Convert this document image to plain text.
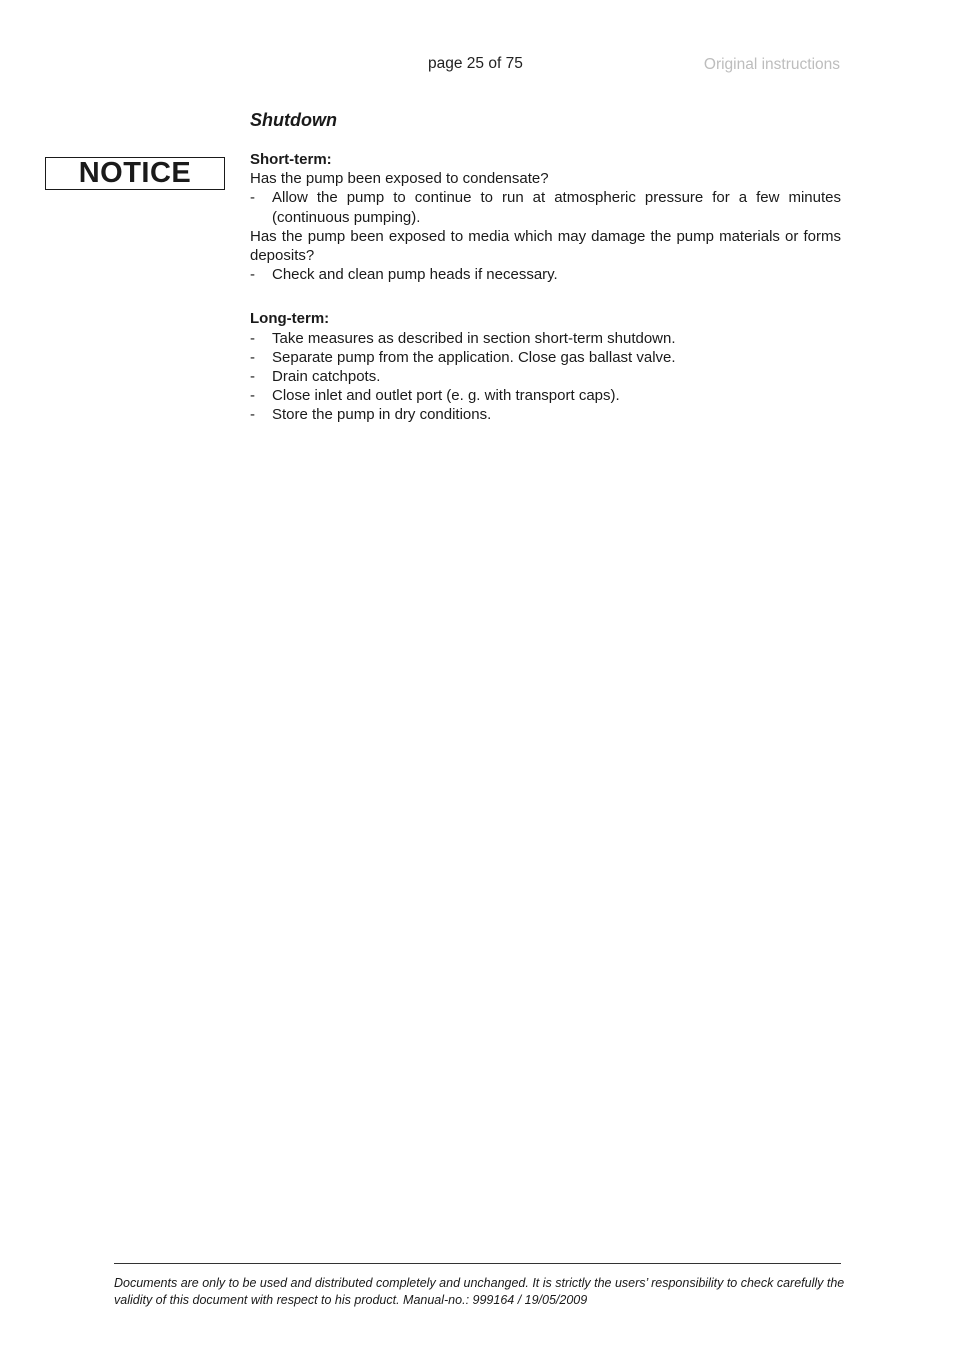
page 25 of 75	Original instructions
Shutdown
NOTICE	Short-term:

Has the pump been exposed to condensate?

-	Allow the pump to continue to run at atmospheric pressure for a few minutes (continuous pumping).

Has the pump been exposed to media which may damage the pump materials or forms deposits?

-	Check and clean pump heads if necessary.

Long-term:

-	Take measures as described in section short-term shutdown.
-	Separate pump from the application. Close gas ballast valve.
-	Drain catchpots.
-	Close inlet and outlet port (e. g. with transport caps).
-	Store the pump in dry conditions.
Documents are only to be used and distributed completely and unchanged. It is strictly the users’ responsibility to check carefully the validity of this document with respect to his product. Manual-no.: 999164 / 19/05/2009
